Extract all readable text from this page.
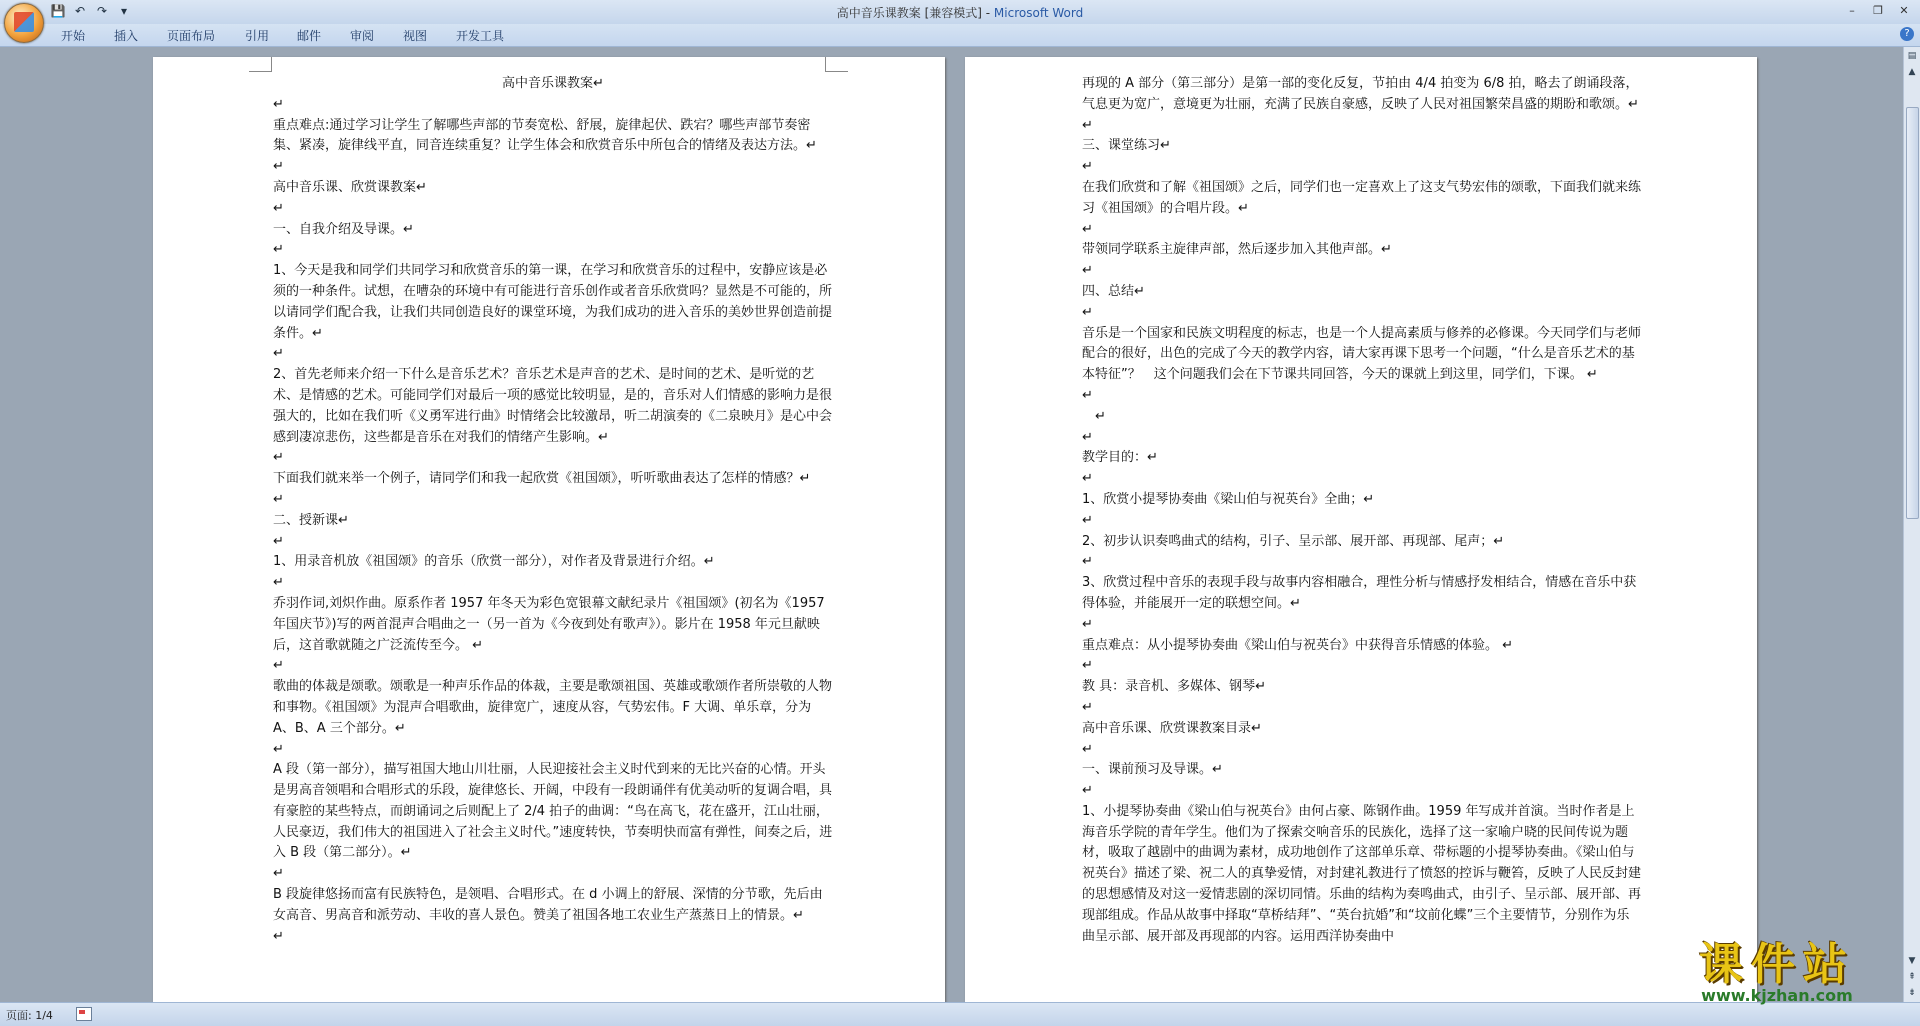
💾 ↶ ↷	▾	高中音乐课教案 [兼容模式] - Microsoft Word	–	❐	✕
开始 插入 页面布局 引用 邮件 审阅 视图 开发工具	?

高中音乐课教案↵

↵

重点难点:通过学习让学生了解哪些声部的节奏宽松、舒展，旋律起伏、跌宕？哪些声部节奏密集、紧凑，旋律线平直，同音连续重复？让学生体会和欣赏音乐中所包合的情绪及表达方法。↵

↵

高中音乐课、欣赏课教案↵

↵

一、自我介绍及导课。↵

↵

1、今天是我和同学们共同学习和欣赏音乐的第一课，在学习和欣赏音乐的过程中，安静应该是必须的一种条件。试想，在嘈杂的环境中有可能进行音乐创作或者音乐欣赏吗？显然是不可能的，所以请同学们配合我，让我们共同创造良好的课堂环境，为我们成功的进入音乐的美妙世界创造前提条件。↵

↵

2、首先老师来介绍一下什么是音乐艺术？音乐艺术是声音的艺术、是时间的艺术、是听觉的艺术、是情感的艺术。可能同学们对最后一项的感觉比较明显，是的，音乐对人们情感的影响力是很强大的，比如在我们听《义勇军进行曲》时情绪会比较激昂，听二胡演奏的《二泉映月》是心中会感到凄凉悲伤，这些都是音乐在对我们的情绪产生影响。↵

↵

下面我们就来举一个例子，请同学们和我一起欣赏《祖国颂》，听听歌曲表达了怎样的情感？↵

↵

二、授新课↵

↵

1、用录音机放《祖国颂》的音乐（欣赏一部分），对作者及背景进行介绍。↵

↵

乔羽作词,刘炽作曲。原系作者 1957 年冬天为彩色宽银幕文献纪录片《祖国颂》(初名为《1957年国庆节》)写的两首混声合唱曲之一（另一首为《今夜到处有歌声》）。影片在 1958 年元旦献映后，这首歌就随之广泛流传至今。 ↵

↵

歌曲的体裁是颂歌。颂歌是一种声乐作品的体裁，主要是歌颂祖国、英雄或歌颂作者所崇敬的人物和事物。《祖国颂》为混声合唱歌曲，旋律宽广，速度从容，气势宏伟。F 大调、单乐章，分为 A、B、A 三个部分。↵

↵

A 段（第一部分），描写祖国大地山川壮丽，人民迎接社会主义时代到来的无比兴奋的心情。开头是男高音领唱和合唱形式的乐段，旋律悠长、开阔，中段有一段朗诵伴有优美动听的复调合唱，具有豪腔的某些特点，而朗诵词之后则配上了 2/4 拍子的曲调：“鸟在高飞，花在盛开，江山壮丽，人民豪迈，我们伟大的祖国进入了社会主义时代。”速度转快，节奏明快而富有弹性，间奏之后，进入 B 段（第二部分）。↵

↵

B 段旋律悠扬而富有民族特色，是领唱、合唱形式。在 d 小调上的舒展、深情的分节歌，先后由女高音、男高音和派劳动、丰收的喜人景色。赞美了祖国各地工农业生产蒸蒸日上的情景。↵

↵

再现的 A 部分（第三部分）是第一部的变化反复，节拍由 4/4 拍变为 6/8 拍，略去了朗诵段落，气息更为宽广，意境更为壮丽，充满了民族自豪感，反映了人民对祖国繁荣昌盛的期盼和歌颂。↵

↵

三、课堂练习↵

↵

在我们欣赏和了解《祖国颂》之后，同学们也一定喜欢上了这支气势宏伟的颂歌，下面我们就来练习《祖国颂》的合唱片段。↵

↵

带领同学联系主旋律声部，然后逐步加入其他声部。↵

↵

四、总结↵

↵

音乐是一个国家和民族文明程度的标志，也是一个人提高素质与修养的必修课。今天同学们与老师配合的很好，出色的完成了今天的教学内容，请大家再课下思考一个问题，“什么是音乐艺术的基本特征”？　这个问题我们会在下节课共同回答，今天的课就上到这里，同学们，下课。 ↵

↵

　↵

↵

教学目的：↵

↵

1、欣赏小提琴协奏曲《梁山伯与祝英台》全曲；↵

↵

2、初步认识奏鸣曲式的结构，引子、呈示部、展开部、再现部、尾声；↵

↵

3、欣赏过程中音乐的表现手段与故事内容相融合，理性分析与情感抒发相结合，情感在音乐中获得体验，并能展开一定的联想空间。↵

↵

重点难点：从小提琴协奏曲《梁山伯与祝英台》中获得音乐情感的体验。 ↵

↵

教 具：录音机、多媒体、钢琴↵

↵

高中音乐课、欣赏课教案目录↵

↵

一、课前预习及导课。↵

↵

1、小提琴协奏曲《梁山伯与祝英台》由何占豪、陈钢作曲。1959 年写成并首演。当时作者是上海音乐学院的青年学生。他们为了探索交响音乐的民族化，选择了这一家喻户晓的民间传说为题材，吸取了越剧中的曲调为素材，成功地创作了这部单乐章、带标题的小提琴协奏曲。《梁山伯与祝英台》描述了梁、祝二人的真挚爱情，对封建礼教进行了愤怒的控诉与鞭笞，反映了人民反封建的思想感情及对这一爱情悲剧的深切同情。乐曲的结构为奏鸣曲式，由引子、呈示部、展开部、再现部组成。作品从故事中择取“草桥结拜”、“英台抗婚”和“坟前化蝶”三个主要情节，分别作为乐曲呈示部、展开部及再现部的内容。运用西洋协奏曲中

▤
▲
▼
⇞
⇟
页面: 1/4
课件站
www.kjzhan.com
